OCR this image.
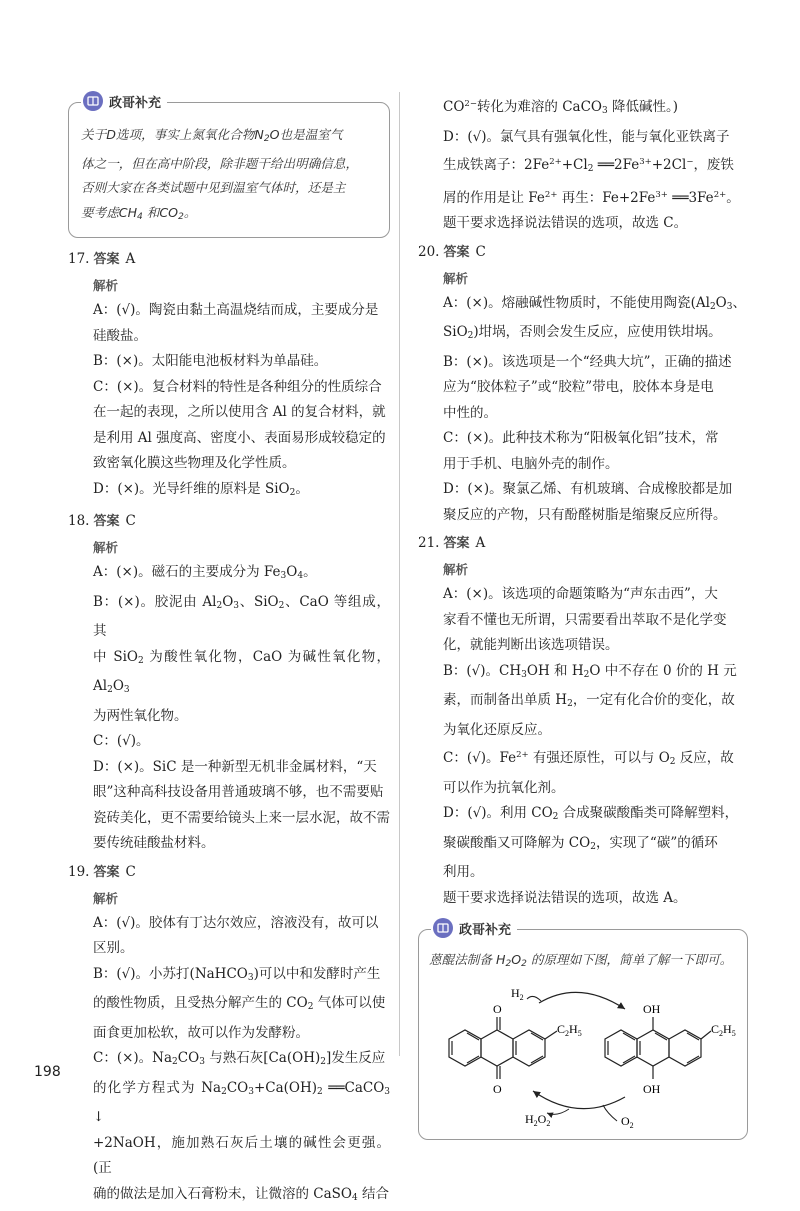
政哥补充

关于D选项，事实上氮氧化合物$N_2O$也是温室气
体之一，但在高中阶段，除非题干给出明确信息，
否则大家在各类试题中见到温室气体时，还是主
要考虑$CH_4$ 和$CO_2$。

17. 答案 A

解析

A：(√)。陶瓷由黏土高温烧结而成，主要成分是

硅酸盐。

B：(×)。太阳能电池板材料为单晶硅。

C：(×)。复合材料的特性是各种组分的性质综合

在一起的表现，之所以使用含 Al 的复合材料，就

是利用 Al 强度高、密度小、表面易形成较稳定的

致密氧化膜这些物理及化学性质。

D：(×)。光导纤维的原料是 SiO$_2$。

18. 答案 C

解析

A：(×)。磁石的主要成分为 $Fe_3O_4$。

B：(×)。胶泥由 $Al_2O_3$、SiO$_2$、CaO 等组成，其

中 SiO$_2$ 为酸性氧化物，CaO 为碱性氧化物，$Al_2O_3$

为两性氧化物。

C：(√)。

D：(×)。SiC 是一种新型无机非金属材料，“天

眼”这种高科技设备用普通玻璃不够，也不需要贴

瓷砖美化，更不需要给镜头上来一层水泥，故不需

要传统硅酸盐材料。

19. 答案 C

解析

A：(√)。胶体有丁达尔效应，溶液没有，故可以

区别。

B：(√)。小苏打(NaHCO$_3$)可以中和发酵时产生

的酸性物质，且受热分解产生的 $CO_2$ 气体可以使

面食更加松软，故可以作为发酵粉。

C：(×)。$Na_2CO_3$ 与熟石灰$[Ca(OH)_2]$发生反应

的化学方程式为 $Na_2CO_3+Ca(OH)_2$ ══CaCO$_3$ ↓

+2NaOH，施加熟石灰后土壤的碱性会更强。(正

确的做法是加入石膏粉末，让微溶的 CaSO$_4$ 结合

$CO^{2-}$转化为难溶的 CaCO$_3$ 降低碱性。)

D：(√)。氯气具有强氧化性，能与氧化亚铁离子

生成铁离子：$2Fe^{2+}+Cl_2$ $══2Fe^{3+}+2Cl^-$，废铁

屑的作用是让 $Fe^{2+}$ 再生：$Fe+2Fe^{3+}$ $══3Fe^{2+}$。

题干要求选择说法错误的选项，故选 C。

20. 答案 C

解析

A：(×)。熔融碱性物质时，不能使用陶瓷($Al_2O_3$、

SiO$_2$)坩埚，否则会发生反应，应使用铁坩埚。

B：(×)。该选项是一个“经典大坑”，正确的描述

应为“胶体粒子”或“胶粒”带电，胶体本身是电

中性的。

C：(×)。此种技术称为“阳极氧化铝”技术，常

用于手机、电脑外壳的制作。

D：(×)。聚氯乙烯、有机玻璃、合成橡胶都是加

聚反应的产物，只有酚醛树脂是缩聚反应所得。

21. 答案 A

解析

A：(×)。该选项的命题策略为“声东击西”，大

家看不懂也无所谓，只需要看出萃取不是化学变

化，就能判断出该选项错误。

B：(√)。$CH_3OH$ 和 $H_2O$ 中不存在 0 价的 H 元

素，而制备出单质 $H_2$，一定有化合价的变化，故

为氧化还原反应。

C：(√)。$Fe^{2+}$ 有强还原性，可以与 $O_2$ 反应，故

可以作为抗氧化剂。

D：(√)。利用 $CO_2$ 合成聚碳酸酯类可降解塑料，

聚碳酸酯又可降解为 $CO_2$，实现了“碳”的循环

利用。

题干要求选择说法错误的选项，故选 A。

政哥补充

蒽醌法制备 $H_2O_2$ 的原理如下图，简单了解一下即可。

O
O
$C_2H_5$
OH
OH
$C_2H_5$
$H_2$
$H_2O_2$	$O_2$
198
